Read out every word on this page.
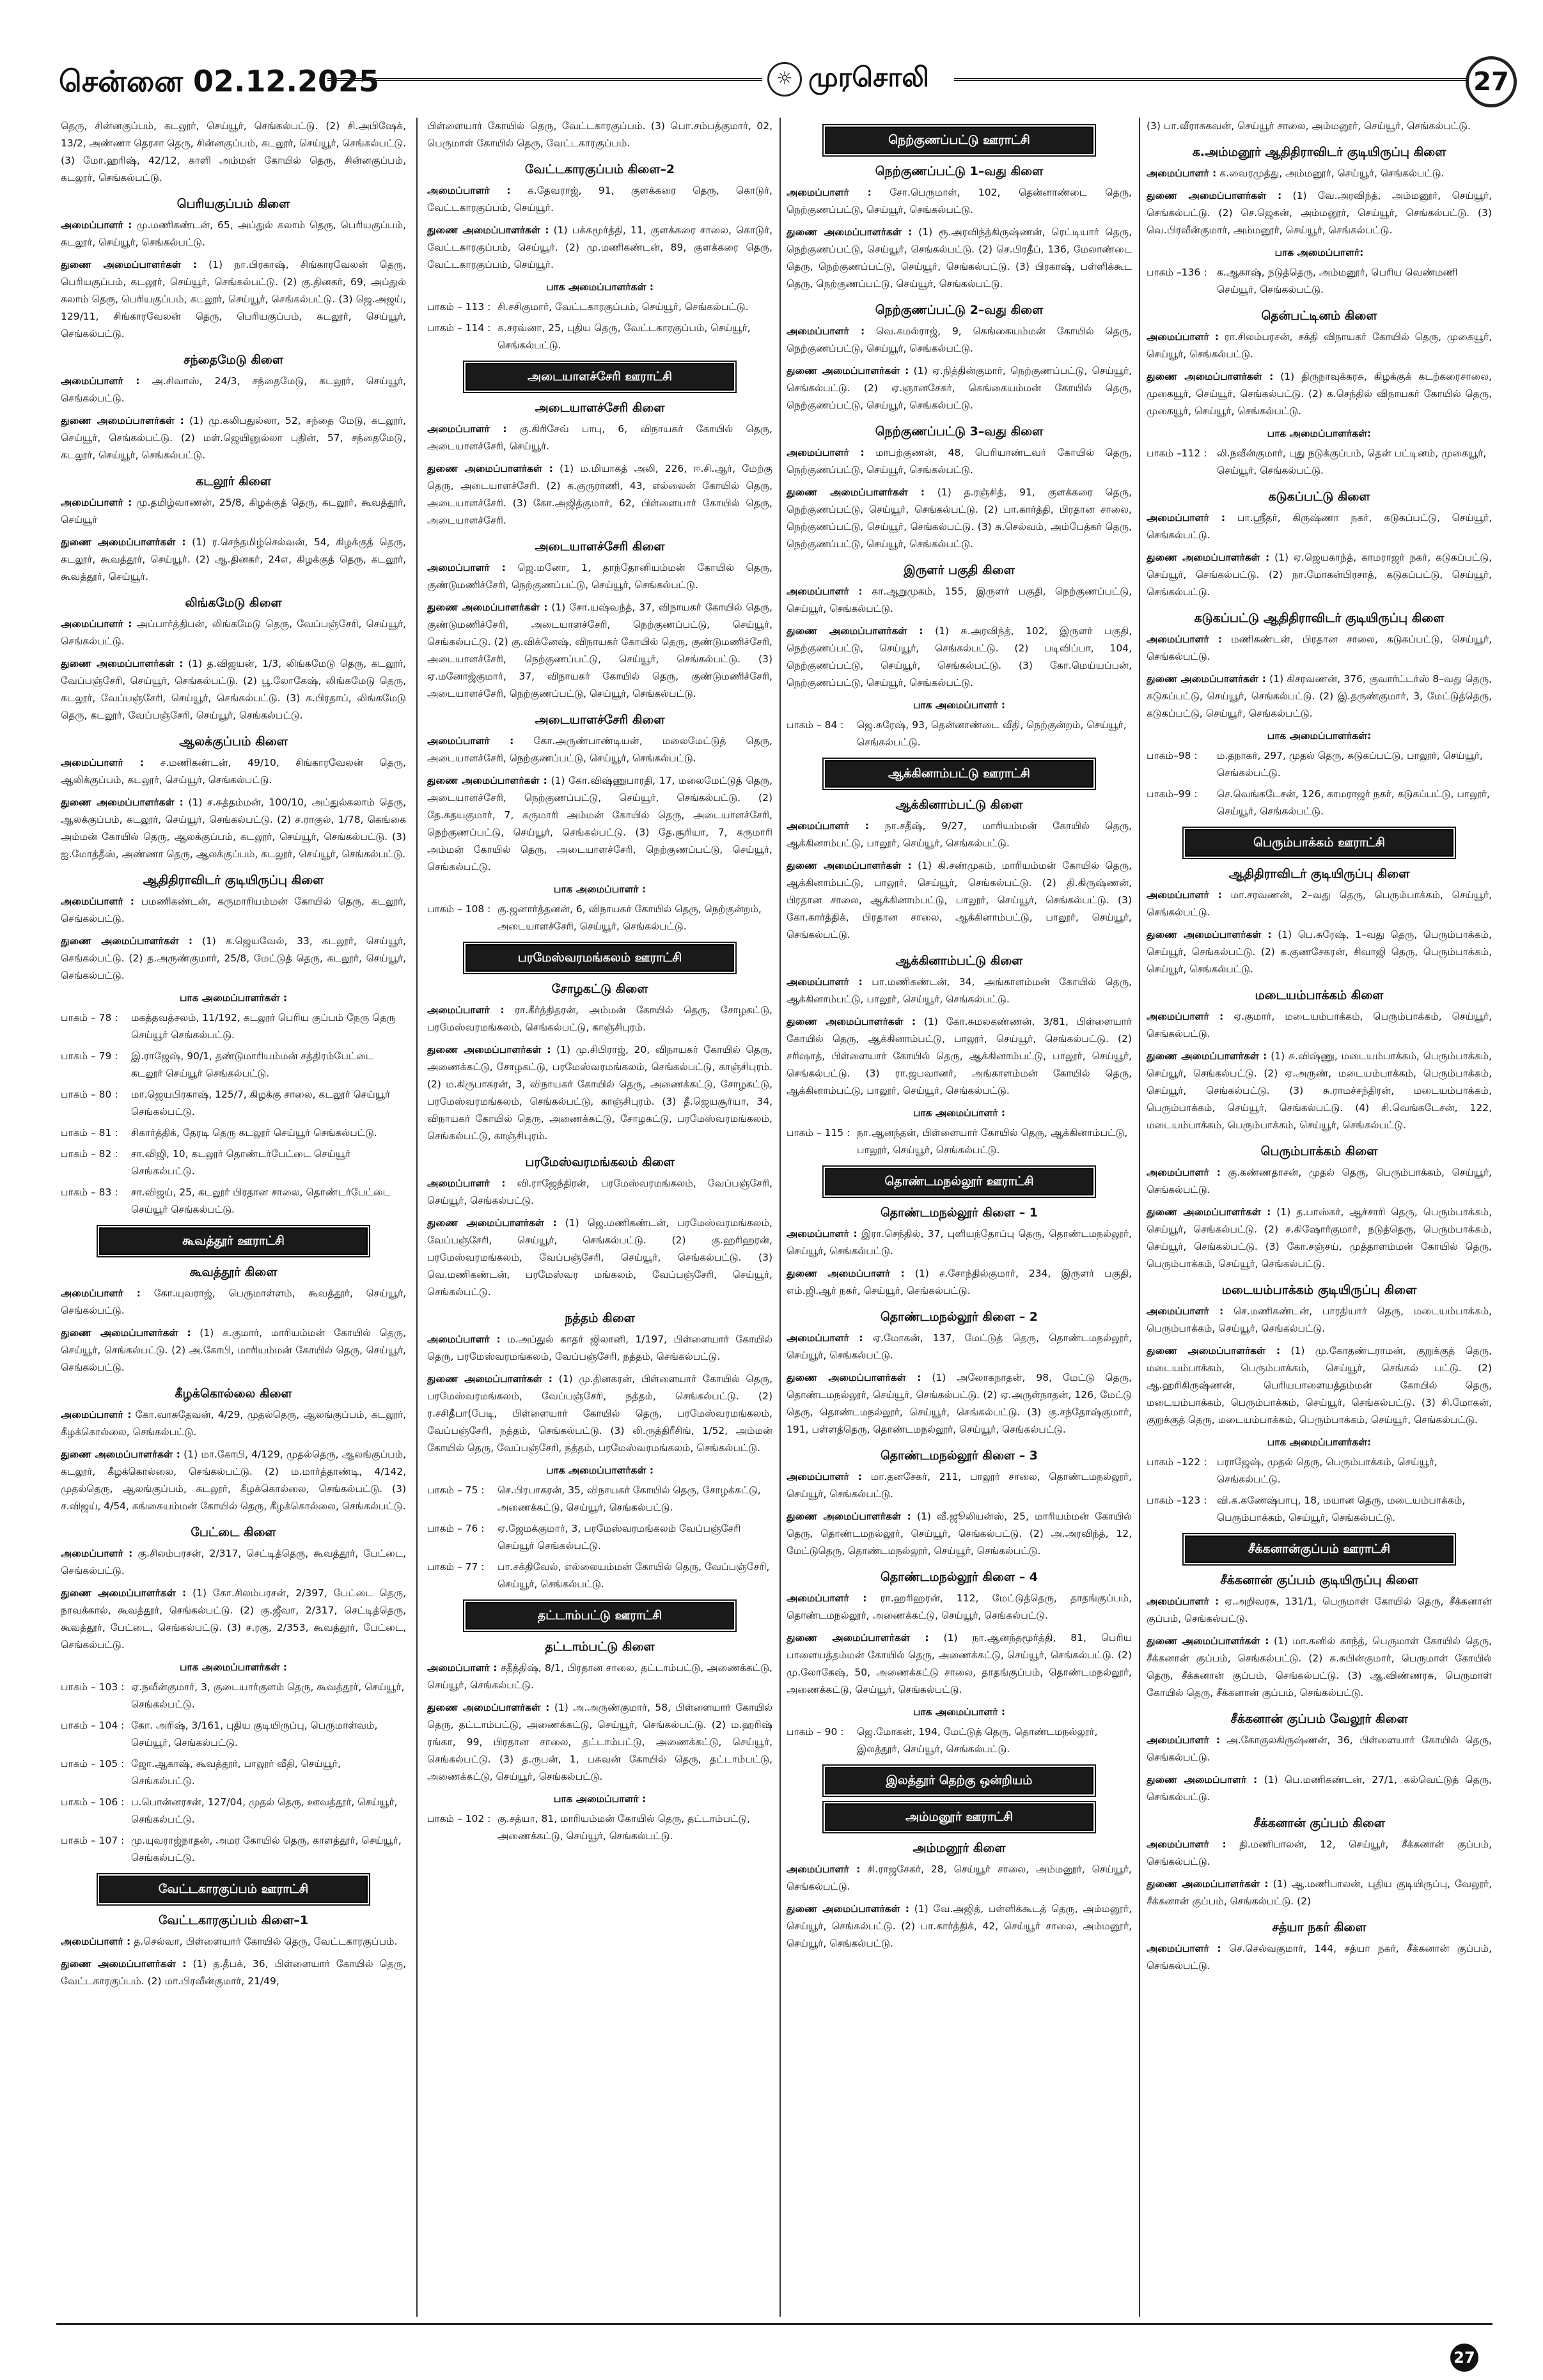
சென்னை 02.12.2025	☼ முரசொலி	27

தெரு, சின்னகுப்பம், கடலூர், செய்யூர், செங்கல்பட்டு. (2) சி.அபிஷேக், 13/2, அண்ணா தெரசா தெரு, சின்னகுப்பம், கடலூர், செய்யூர், செங்கல்பட்டு. (3) மோ.ஹரிஷ், 42/12, காளி அம்மன் கோயில் தெரு, சின்னகுப்பம், கடலூர், செங்கல்பட்டு.

பெரியகுப்பம் கிளை

அமைப்பாளர் : மு.மணிகண்டன், 65, அப்துல் கலாம் தெரு, பெரியகுப்பம், கடலூர், செய்யூர், செங்கல்பட்டு.

துணை அமைப்பாளர்கள் : (1) நா.பிரகாஷ், சிங்காரவேலன் தெரு, பெரியகுப்பம், கடலூர், செய்யூர், செங்கல்பட்டு. (2) கு.தினகர், 69, அப்துல் கலாம் தெரு, பெரியகுப்பம், கடலூர், செய்யூர், செங்கல்பட்டு. (3) ஜெ.அஜய், 129/11, சிங்காரவேலன் தெரு, பெரியகுப்பம், கடலூர், செய்யூர், செங்கல்பட்டு.

சந்தைமேடு கிளை

அமைப்பாளர் : அ.சிவாஸ், 24/3, சந்தைமேடு, கடலூர், செய்யூர், செங்கல்பட்டு.

துணை அமைப்பாளர்கள் : (1) மு.கலிபதுல்லா, 52, சந்தை மேடு, கடலூர், செய்யூர், செங்கல்பட்டு. (2) மள்.ஜெயினுல்லா புதின், 57, சந்தைமேடு, கடலூர், செய்யூர், செங்கல்பட்டு.

கடலூர் கிளை

அமைப்பாளர் : மு.தமிழ்வாணன், 25/8, கிழக்குத் தெரு, கடலூர், கூவத்தூர், செய்யூர்

துணை அமைப்பாளர்கள் : (1) ர.செந்தமிழ்செல்வன், 54, கிழக்குத் தெரு, கடலூர், கூவத்தூர், செய்யூர். (2) ஆ.தினகர், 24எ, கிழக்குத் தெரு, கடலூர், கூவத்தூர், செய்யூர்.

லிங்கமேடு கிளை

அமைப்பாளர் : அப்பார்த்திபன், லிங்கமேடு தெரு, வேப்பஞ்சேரி, செய்யூர், செங்கல்பட்டு.

துணை அமைப்பாளர்கள் : (1) த.விஜயன், 1/3, லிங்கமேடு தெரு, கடலூர், வேப்பஞ்சேரி, செய்யூர், செங்கல்பட்டு. (2) பூ.லோகேஷ், லிங்கமேடு தெரு, கடலூர், வேப்பஞ்சேரி, செய்யூர், செங்கல்பட்டு. (3) க.பிரதாப், லிங்கமேடு தெரு, கடலூர், வேப்பஞ்சேரி, செய்யூர், செங்கல்பட்டு.

ஆலக்குப்பம் கிளை

அமைப்பாளர் : ச.மணிகண்டன், 49/10, சிங்காரவேலன் தெரு, ஆலிக்குப்பம், கடலூர், செய்யூர், செங்கல்பட்டு.

துணை அமைப்பாளர்கள் : (1) ச.சுத்தம்மன், 100/10, அப்துல்கலாம் தெரு, ஆலக்குப்பம், கடலூர், செய்யூர், செங்கல்பட்டு. (2) ச.ராகுல், 1/78, கெங்கை அம்மன் கோயில் தெரு, ஆலக்குப்பம், கடலூர், செய்யூர், செங்கல்பட்டு. (3) ஐ.மோத்தீஸ், அண்ணா தெரு, ஆலக்குப்பம், கடலூர், செய்யூர், செங்கல்பட்டு.

ஆதிதிராவிடர் குடியிருப்பு கிளை

அமைப்பாளர் : பமணிகண்டன், கருமாரியம்மன் கோயில் தெரு, கடலூர், செங்கல்பட்டு.

துணை அமைப்பாளர்கள் : (1) க.ஜெயவேல், 33, கடலூர், செய்யூர், செங்கல்பட்டு. (2) த.அருண்குமார், 25/8, மேட்டுத் தெரு, கடலூர், செய்யூர், செங்கல்பட்டு.

பாக அமைப்பாளர்கள் :
பாகம் – 78 :	மகத்தவத்சலம், 11/192, கடலூர் பெரிய குப்பம் நேரு தெரு செய்யூர் செங்கல்பட்டு.
பாகம் – 79 :	இ.ராஜேஷ், 90/1, தண்டுமாரியம்மன் சத்திரம்பேட்டை கடலூர் செய்யூர் செங்கல்பட்டு.
பாகம் – 80 :	மா.ஜெயபிரகாஷ், 125/7, கிழக்கு சாலை, கடலூர் செய்யூர் செங்கல்பட்டு.
பாகம் – 81 :	சிகார்த்திக், தேரடி தெரு கடலூர் செய்யூர் செங்கல்பட்டு.
பாகம் – 82 :	சா.விஜி, 10, கடலூர் தொண்டர்பேட்டை செய்யூர் செங்கல்பட்டு.
பாகம் – 83 :	சா.விஜய், 25, கடலூர் பிரதான சாலை, தொண்டர்பேட்டை செய்யூர் செங்கல்பட்டு.
கூவத்தூர் ஊராட்சி
கூவத்தூர் கிளை

அமைப்பாளர் : கோ.யுவராஜ், பெருமாள்ளம், கூவத்தூர், செய்யூர், செங்கல்பட்டு.

துணை அமைப்பாளர்கள் : (1) க.குமார், மாரியம்மன் கோயில் தெரு, செய்யூர், செங்கல்பட்டு. (2) அ.கோபி, மாரியம்மன் கோயில் தெரு, செய்யூர், செங்கல்பட்டு.

கீழக்கொல்லை கிளை

அமைப்பாளர் : கோ.வாசுதேவன், 4/29, முதல்தெரு, ஆலங்குப்பம், கடலூர், கீழக்கொல்லை, செங்கல்பட்டு.

துணை அமைப்பாளர்கள் : (1) மா.கோபி, 4/129, முதல்தெரு, ஆலங்குப்பம், கடலூர், கீழக்கொல்லை, செங்கல்பட்டு. (2) ம.மார்த்தாண்டி, 4/142, முதல்தெரு, ஆலங்குப்பம், கடலூர், கீழக்கொல்லை, செங்கல்பட்டு. (3) ச.விஜய், 4/54, கங்கையம்மன் கோயில் தெரு, கீழக்கொல்லை, செங்கல்பட்டு.

பேட்டை கிளை

அமைப்பாளர் : கு.சிலம்பரசன், 2/317, செட்டித்தெரு, கூவத்தூர், பேட்டை, செங்கல்பட்டு.

துணை அமைப்பாளர்கள் : (1) கோ.சிலம்பரசன், 2/397, பேட்டை தெரு, நாவக்கால், கூவத்தூர், செங்கல்பட்டு. (2) கு.ஜீவா, 2/317, செட்டித்தெரு, கூவத்தூர், பேட்டை, செங்கல்பட்டு. (3) ச.ரகு, 2/353, கூவத்தூர், பேட்டை, செங்கல்பட்டு.

பாக அமைப்பாளர்கள் :
பாகம் – 103 : ஏ.நவீன்குமார், 3, குடையார்குளம் தெரு, கூவத்தூர், செய்யூர், செங்கல்பட்டு.
பாகம் – 104 : கோ. அரிஷ், 3/161, புதிய குடியிருப்பு, பெருமாள்வம், செய்யூர், செங்கல்பட்டு.
பாகம் – 105 : ஜோ.ஆகாஷ், கூவத்தூர், பாலூர் வீதி, செய்யூர், செங்கல்பட்டு.
பாகம் – 106 : ப.பொன்னரசன், 127/04, முதல் தெரு, ஊவத்தூர், செய்யூர், செங்கல்பட்டு.
பாகம் – 107 : மு.யுவராஜ்நாதன், அமர கோயில் தெரு, காளத்தூர், செய்யூர், செங்கல்பட்டு.
வேட்டகாரகுப்பம் ஊராட்சி
வேட்டகாரகுப்பம் கிளை–1

அமைப்பாளர் : த.செல்வா, பிள்ளையார் கோயில் தெரு, வேட்டகாரகுப்பம்.

துணை அமைப்பாளர்கள் : (1) த.தீபக், 36, பிள்ளையார் கோயில் தெரு, வேட்டகாரகுப்பம். (2) மா.பிரவீன்குமார், 21/49,

பிள்ளையார் கோயில் தெரு, வேட்டகாரகுப்பம். (3) பொ.சம்பத்குமார், 02, பெருமாள் கோயில் தெரு, வேட்டகாரகுப்பம்.

வேட்டகாரகுப்பம் கிளை–2

அமைப்பாளர் : க.தேவராஜ், 91, குளக்கரை தெரு, கொடுர், வேட்டகாரகுப்பம், செய்யூர்.

துணை அமைப்பாளர்கள் : (1) பக்கமூர்த்தி, 11, குளக்கரை சாலை, கொடுர், வேட்டகாரகுப்பம், செய்யூர். (2) மு.மணிகண்டன், 89, குளக்கரை தெரு, வேட்டகாரகுப்பம், செய்யூர்.

பாக அமைப்பாளர்கள் :
பாகம் – 113 : சி.சசிகுமார், வேட்டகாரகுப்பம், செய்யூர், செங்கல்பட்டு.
பாகம் – 114 : க.சரவ்னா, 25, புதிய தெரு, வேட்டகாரகுப்பம், செய்யூர், செங்கல்பட்டு.
அடையாளச்சேரி ஊராட்சி
அடையாளச்சேரி கிளை

அமைப்பாளர் : கு.கிரிசேவ் பாபு, 6, விநாயகர் கோயில் தெரு, அடையாளச்சேரி, செய்யூர்.

துணை அமைப்பாளர்கள் : (1) ம.மியாகத் அலி, 226, ஈ.சி.ஆர், மேற்கு தெரு, அடையாளச்சேரி. (2) க.குருராணி, 43, எல்லைன் கோயில் தெரு, அடையாளச்சேரி. (3) கோ.அஜித்குமார், 62, பிள்ளையார் கோயில் தெரு, அடையாளச்சேரி.

அடையாளச்சேரி கிளை

அமைப்பாளர் : ஜெ.மனோ, 1, தாந்தோனியம்மன் கோயில் தெரு, குண்டுமணிச்சேரி, நெற்குணப்பட்டு, செய்யூர், செங்கல்பட்டு.

துணை அமைப்பாளர்கள் : (1) சோ.யஷ்வந்த், 37, விநாயகர் கோயில் தெரு, குண்டுமணிச்சேரி, அடையாளச்சேரி, நெற்குணப்பட்டு, செய்யூர், செங்கல்பட்டு. (2) கு.விக்னேஷ், விநாயகர் கோயில் தெரு, குண்டுமணிச்சேரி, அடையாளச்சேரி, நெற்குணப்பட்டு, செய்யூர், செங்கல்பட்டு. (3) ஏ.மனோஜ்குமார், 37, விநாயகர் கோயில் தெரு, குண்டுமணிச்சேரி, அடையாளச்சேரி, நெற்குணப்பட்டு, செய்யூர், செங்கல்பட்டு.

அடையாளச்சேரி கிளை

அமைப்பாளர் : கோ.அருண்பாண்டியன், மலைமேட்டுத் தெரு, அடையாளச்சேரி, நெற்குணப்பட்டு, செய்யூர், செங்கல்பட்டு.

துணை அமைப்பாளர்கள் : (1) கோ.விஷ்ணுபாரதி, 17, மலைமேட்டுத் தெரு, அடையாளச்சேரி, நெற்குணப்பட்டு, செய்யூர், செங்கல்பட்டு. (2) தே.சுதயகுமார், 7, கருமாரி அம்மன் கோயில் தெரு, அடையாளச்சேரி, நெற்குணப்பட்டு, செய்யூர், செங்கல்பட்டு. (3) தே.சூரியா, 7, கருமாரி அம்மன் கோயில் தெரு, அடையாளச்சேரி, நெற்குணப்பட்டு, செய்யூர், செங்கல்பட்டு.

பாக அமைப்பாளர் :
பாகம் – 108 : கு.ஜனார்த்தனன், 6, விநாயகர் கோயில் தெரு, நெற்குன்றம், அடையாளச்சேரி, செய்யூர், செங்கல்பட்டு.
பரமேஸ்வரமங்கலம் ஊராட்சி
சோழகட்டு கிளை

அமைப்பாளர் : ரா.கீர்த்திதரன், அம்மன் கோயில் தெரு, சோழகட்டு, பரமேஸ்வரமங்கலம், செங்கல்பட்டு, காஞ்சிபுரம்.

துணை அமைப்பாளர்கள் : (1) மு.சிபிராஜ், 20, விநாயகர் கோயில் தெரு, அணைக்கட்டு, சோழகட்டு, பரமேஸ்வரமங்கலம், செங்கல்பட்டு, காஞ்சிபுரம். (2) ம.கிருபாகரன், 3, விநாயகர் கோயில் தெரு, அணைக்கட்டு, சோழகட்டு, பரமேஸ்வரமங்கலம், செங்கல்பட்டு, காஞ்சிபுரம். (3) தீ.ஜெயசூர்யா, 34, விநாயகர் கோயில் தெரு, அணைக்கட்டு, சோழகட்டு, பரமேஸ்வரமங்கலம், செங்கல்பட்டு, காஞ்சிபுரம்.

பரமேஸ்வரமங்கலம் கிளை

அமைப்பாளர் : வி.ராஜேந்திரன், பரமேஸ்வரமங்கலம், வேப்பஞ்சேரி, செய்யூர், செங்கல்பட்டு.

துணை அமைப்பாளர்கள் : (1) ஜெ.மணிகண்டன், பரமேஸ்வரமங்கலம், வேப்பஞ்சேரி, செய்யூர், செங்கல்பட்டு. (2) கு.ஹரிஹரன், பரமேஸ்வரமங்கலம், வேப்பஞ்சேரி, செய்யூர், செங்கல்பட்டு. (3) வெ.மணிகண்டன், பரமேஸ்வர மங்கலம், வேப்பஞ்சேரி, செய்யூர், செங்கல்பட்டு.

நத்தம் கிளை

அமைப்பாளர் : ம.அப்துல் காதர் ஜிலானி, 1/197, பிள்ளையார் கோயில் தெரு, பரமேஸ்வரமங்கலம், வேப்பஞ்சேரி, நத்தம், செங்கல்பட்டு.

துணை அமைப்பாளர்கள் : (1) மு.தினகரன், பிள்ளையார் கோயில் தெரு, பரமேஸ்வரமங்கலம், வேப்பஞ்சேரி, நத்தம், செங்கல்பட்டு. (2) ர.சசிதீபா(பேடி, பிள்ளையார் கோயில் தெரு, பரமேஸ்வரமங்கலம், வேப்பஞ்சேரி, நத்தம், செங்கல்பட்டு. (3) லி.ருத்திரீசிங், 1/52, அம்மன் கோயில் தெரு, வேப்பஞ்சேரி, நத்தம், பரமேஸ்வரமங்கலம், செங்கல்பட்டு.

பாக அமைப்பாளர்கள் :
பாகம் – 75 :	செ.பிரபாகரன், 35, விநாயகர் கோயில் தெரு, சோழக்கட்டு, அணைக்கட்டு, செய்யூர், செங்கல்பட்டு.
பாகம் – 76 :	ஏ.ஜேமக்குமார், 3, பரமேஸ்வரமங்கலம் வேப்பஞ்சேரி செய்யூர் செங்கல்பட்டு.
பாகம் – 77 :	பா.சக்திவேல், எல்லையம்மன் கோயில் தெரு, வேப்பஞ்சேரி, செய்யூர், செங்கல்பட்டு.
தட்டாம்பட்டு ஊராட்சி
தட்டாம்பட்டு கிளை

அமைப்பாளர் : சதீத்திஷ், 8/1, பிரதான சாலை, தட்டாம்பட்டு, அணைக்கட்டு, செய்யூர், செங்கல்பட்டு.

துணை அமைப்பாளர்கள் : (1) அ.அருண்குமார், 58, பிள்ளையார் கோயில் தெரு, தட்டாம்பட்டு, அணைக்கட்டு, செய்யூர், செங்கல்பட்டு. (2) ம.ஹரிஷ் ரங்கா, 99, பிரதான சாலை, தட்டாம்பட்டு, அணைக்கட்டு, செய்யூர், செங்கல்பட்டு. (3) த.ருபன், 1, பசுவன் கோயில் தெரு, தட்டாம்பட்டு, அணைக்கட்டு, செய்யூர், செங்கல்பட்டு.

பாக அமைப்பாளர் :
பாகம் – 102 : கு.சத்யா, 81, மாரியம்மன் கோயில் தெரு, தட்டாம்பட்டு, அணைக்கட்டு, செய்யூர், செங்கல்பட்டு.
நெற்குணப்பட்டு ஊராட்சி
நெற்குணப்பட்டு 1–வது கிளை

அமைப்பாளர் : சோ.பெருமாள், 102, தென்னாண்டை தெரு, நெற்குணப்பட்டு, செய்யூர், செங்கல்பட்டு.

துணை அமைப்பாளர்கள் : (1) ரூ.அரவிந்த்கிருஷ்ணன், ரெட்டியார் தெரு, நெற்குணப்பட்டு, செய்யூர், செங்கல்பட்டு. (2) செ.பிரதீப், 136, மேலாண்டை தெரு, நெற்குணப்பட்டு, செய்யூர், செங்கல்பட்டு. (3) பிரகாஷ், பள்ளிக்கூட தெரு, நெற்குணப்பட்டு, செய்யூர், செங்கல்பட்டு.

நெற்குணப்பட்டு 2–வது கிளை

அமைப்பாளர் : வெ.கமல்ராஜ், 9, கெங்கையம்மன் கோயில் தெரு, நெற்குணப்பட்டு, செய்யூர், செங்கல்பட்டு.

துணை அமைப்பாளர்கள் : (1) ஏ.நித்தின்குமார், நெற்குணப்பட்டு, செய்யூர், செங்கல்பட்டு. (2) ஏ.ஞானசேகர், கெங்கையம்மன் கோயில் தெரு, நெற்குணப்பட்டு, செய்யூர், செங்கல்பட்டு.

நெற்குணப்பட்டு 3–வது கிளை

அமைப்பாளர் : மாபற்குணன், 48, பெரியாண்டவர் கோயில் தெரு, நெற்குணப்பட்டு, செய்யூர், செங்கல்பட்டு.

துணை அமைப்பாளர்கள் : (1) த.ரஞ்சித், 91, குளக்கரை தெரு, நெற்குணப்பட்டு, செய்யூர், செங்கல்பட்டு. (2) பா.கார்த்தி, பிரதான சாலை, நெற்குணப்பட்டு, செய்யூர், செங்கல்பட்டு. (3) சு.செல்வம், அம்பேத்கர் தெரு, நெற்குணப்பட்டு, செய்யூர், செங்கல்பட்டு.

இருளர் பகுதி கிளை

அமைப்பாளர் : கா.ஆறுமுகம், 155, இருளர் பகுதி, நெற்குணப்பட்டு, செய்யூர், செங்கல்பட்டு.

துணை அமைப்பாளர்கள் : (1) சு.அரவிந்த், 102, இருளர் பகுதி, நெற்குணப்பட்டு, செய்யூர், செங்கல்பட்டு. (2) படிவிப்பா, 104, நெற்குணப்பட்டு, செய்யூர், செங்கல்பட்டு. (3) கோ.மெய்யப்பன், நெற்குணப்பட்டு, செய்யூர், செங்கல்பட்டு.

பாக அமைப்பாளர் :
பாகம் – 84 :	ஜெ.சுரேஷ், 93, தென்னாண்டை வீதி, நெற்குன்றம், செய்யூர், செங்கல்பட்டு.
ஆக்கினாம்பட்டு ஊராட்சி
ஆக்கினாம்பட்டு கிளை

அமைப்பாளர் : நா.சதீஷ், 9/27, மாரியம்மன் கோயில் தெரு, ஆக்கினாம்பட்டு, பாலூர், செய்யூர், செங்கல்பட்டு.

துணை அமைப்பாளர்கள் : (1) கி.சண்முகம், மாரியம்மன் கோயில் தெரு, ஆக்கினாம்பட்டு, பாலூர், செய்யூர், செங்கல்பட்டு. (2) தி.கிருஷ்ணன், பிரதான சாலை, ஆக்கினாம்பட்டு, பாலூர், செய்யூர், செங்கல்பட்டு. (3) கோ.கார்த்திக், பிரதான சாலை, ஆக்கினாம்பட்டு, பாலூர், செய்யூர், செங்கல்பட்டு.

ஆக்கினாம்பட்டு கிளை

அமைப்பாளர் : பா.மணிகண்டன், 34, அங்காளம்மன் கோயில் தெரு, ஆக்கினாம்பட்டு, பாலூர், செய்யூர், செங்கல்பட்டு.

துணை அமைப்பாளர்கள் : (1) கோ.சுமலகண்ணன், 3/81, பிள்ளையார் கோயில் தெரு, ஆக்கினாம்பட்டு, பாலூர், செய்யூர், செங்கல்பட்டு. (2) சரிஷாத், பிள்ளையார் கோயில் தெரு, ஆக்கினாம்பட்டு, பாலூர், செய்யூர், செங்கல்பட்டு. (3) ரா.ஜபவானர், அங்காளம்மன் கோயில் தெரு, ஆக்கினாம்பட்டு, பாலூர், செய்யூர், செங்கல்பட்டு.

பாக அமைப்பாளர் :
பாகம் – 115 : நா.ஆனந்தன், பிள்ளையார் கோயில் தெரு, ஆக்கினாம்பட்டு, பாலூர், செய்யூர், செங்கல்பட்டு.
தொண்டமநல்லூர் ஊராட்சி
தொண்டமநல்லூர் கிளை – 1

அமைப்பாளர் : இரா.செந்தில், 37, புளியந்தோப்பு தெரு, தொண்டமநல்லூர், செய்யூர், செங்கல்பட்டு.

துணை அமைப்பாளர் : (1) ச.சோந்தில்குமார், 234, இருளர் பகுதி, எம்.ஜி.ஆர் நகர், செய்யூர், செங்கல்பட்டு.

தொண்டமநல்லூர் கிளை – 2

அமைப்பாளர் : ஏ.மோகன், 137, மேட்டுத் தெரு, தொண்டமநல்லூர், செய்யூர், செங்கல்பட்டு.

துணை அமைப்பாளர்கள் : (1) அலோகநாதன், 98, மேட்டு தெரு, தொண்டமநல்லூர், செய்யூர், செங்கல்பட்டு. (2) ஏ.அருள்நாதன், 126, மேட்டு தெரு, தொண்டமநல்லூர், செய்யூர், செங்கல்பட்டு. (3) கு.சந்தோஷ்குமார், 191, பள்ளத்தெரு, தொண்டமநல்லூர், செய்யூர், செங்கல்பட்டு.

தொண்டமநல்லூர் கிளை – 3

அமைப்பாளர் : மா.தனசேகர், 211, பாலூர் சாலை, தொண்டமநல்லூர், செய்யூர், செங்கல்பட்டு.

துணை அமைப்பாளர்கள் : (1) வீ.ஜூலியன்ஸ், 25, மாரியம்மன் கோயில் தெரு, தொண்டமநல்லூர், செய்யூர், செங்கல்பட்டு. (2) அ.அரவிந்த், 12, மேட்டுதெரு, தொண்டமநல்லூர், செய்யூர், செங்கல்பட்டு.

தொண்டமநல்லூர் கிளை – 4

அமைப்பாளர் : ரா.ஹரிஹரன், 112, மேட்டுத்தெரு, தாதங்குப்பம், தொண்டமநல்லூர், அணைக்கட்டு, செய்யூர், செங்கல்பட்டு.

துணை அமைப்பாளர்கள் : (1) நா.ஆனந்தமூர்த்தி, 81, பெரிய பாளையத்தம்மன் கோயில் தெரு, அணைக்கட்டு, செய்யூர், செங்கல்பட்டு. (2) மு.லோகேஷ், 50, அணைக்கட்டு சாலை, தாதங்குப்பம், தொண்டமநல்லூர், அணைக்கட்டு, செய்யூர், செங்கல்பட்டு.

பாக அமைப்பாளர் :
பாகம் – 90 :	ஜெ.மோகன், 194, மேட்டுத் தெரு, தொண்டமநல்லூர், இலத்தூர், செய்யூர், செங்கல்பட்டு.
இலத்தூர் தெற்கு ஒன்றியம்
அம்மனூர் ஊராட்சி
அம்மனூர் கிளை

அமைப்பாளர் : சி.ராஜசேகர், 28, செய்யூர் சாலை, அம்மனூர், செய்யூர், செங்கல்பட்டு.

துணை அமைப்பாளர்கள் : (1) வே.அஜித், பள்ளிக்கூடத் தெரு, அம்மனூர், செய்யூர், செங்கல்பட்டு. (2) பா.கார்த்திக், 42, செய்யூர் சாலை, அம்மனூர், செய்யூர், செங்கல்பட்டு.

(3) பா.வீராசுகவன், செய்யூர் சாலை, அம்மனூர், செய்யூர், செங்கல்பட்டு.

க.அம்மனூர் ஆதிதிராவிடர் குடியிருப்பு கிளை

அமைப்பாளர் : க.வைரமுத்து, அம்மனூர், செய்யூர், செங்கல்பட்டு.

துணை அமைப்பாளர்கள் : (1) வே.அரவிந்த், அம்மனூர், செய்யூர், செங்கல்பட்டு. (2) செ.ஜெகன், அம்மனூர், செய்யூர், செங்கல்பட்டு. (3) வெ.பிரவீன்குமார், அம்மனூர், செய்யூர், செங்கல்பட்டு.

பாக அமைப்பாளர்:
பாகம் –136 :	க.ஆகாஷ், நடுத்தெரு, அம்மனூர், பெரிய வெண்மணி செய்யூர், செங்கல்பட்டு.
தென்பட்டினம் கிளை

அமைப்பாளர் : ரா.சிலம்பரசன், சக்தி விநாயகர் கோயில் தெரு, முகையூர், செய்யூர், செங்கல்பட்டு.

துணை அமைப்பாளர்கள் : (1) திருநாவுக்கரசு, கிழக்குக் கடற்கரைசாலை, முகையூர், செய்யூர், செங்கல்பட்டு. (2) க.செந்தில் விநாயகர் கோயில் தெரு, முகையூர், செய்யூர், செங்கல்பட்டு.

பாக அமைப்பாளர்கள்:
பாகம் –112 :	லி.நவீன்குமார், புது நடுக்குப்பம், தென் பட்டினம், முகையூர், செய்யூர், செங்கல்பட்டு.
கடுகப்பட்டு கிளை

அமைப்பாளர் : பா.ஸ்ரீதர், கிருஷ்ணா நகர், கடுகப்பட்டு, செய்யூர், செங்கல்பட்டு.

துணை அமைப்பாளர்கள் : (1) ஏ.ஜெயகாந்த், காமராஜர் நகர், கடுகப்பட்டு, செய்யூர், செங்கல்பட்டு. (2) நா.மோகன்பிரசாத், கடுகப்பட்டு, செய்யூர், செங்கல்பட்டு.

கடுகப்பட்டு ஆதிதிராவிடர் குடியிருப்பு கிளை

அமைப்பாளர் : மணிகண்டன், பிரதான சாலை, கடுகப்பட்டு, செய்யூர், செங்கல்பட்டு.

துணை அமைப்பாளர்கள் : (1) கிசரவணன், 376, குவார்ட்டர்ஸ் 8–வது தெரு, கடுகப்பட்டு, செய்யூர், செங்கல்பட்டு. (2) இ.தருண்குமார், 3, மேட்டுத்தெரு, கடுகப்பட்டு, செய்யூர், செங்கல்பட்டு.

பாக அமைப்பாளர்கள்:
பாகம்–98 :	ம.தநாகர், 297, முதல் தெரு, கடுகப்பட்டு, பாலூர், செய்யூர், செங்கல்பட்டு.
பாகம்–99 :	செ.வெங்கடேசன், 126, காமராஜர் நகர், கடுகப்பட்டு, பாலூர், செய்யூர், செங்கல்பட்டு.
பெரும்பாக்கம் ஊராட்சி
ஆதிதிராவிடர் குடியிருப்பு கிளை

அமைப்பாளர் : மா.சரவணன், 2–வது தெரு, பெரும்பாக்கம், செய்யூர், செங்கல்பட்டு.

துணை அமைப்பாளர்கள் : (1) பெ.சுரேஷ், 1–வது தெரு, பெரும்பாக்கம், செய்யூர், செங்கல்பட்டு. (2) க.குணசேகரன், சிவாஜி தெரு, பெரும்பாக்கம், செய்யூர், செங்கல்பட்டு.

மடையம்பாக்கம் கிளை

அமைப்பாளர் : ஏ.குமார், மடையம்பாக்கம், பெரும்பாக்கம், செய்யூர், செங்கல்பட்டு.

துணை அமைப்பாளர்கள் : (1) சு.விஷ்ணு, மடையம்பாக்கம், பெரும்பாக்கம், செய்யூர், செங்கல்பட்டு. (2) ஏ.அருண், மடையம்பாக்கம், பெரும்பாக்கம், செய்யூர், செங்கல்பட்டு. (3) சு.ராமச்சந்திரன், மடையம்பாக்கம், பெரும்பாக்கம், செய்யூர், செங்கல்பட்டு. (4) சி.வெங்கடேசன், 122, மடையம்பாக்கம், பெரும்பாக்கம், செய்யூர், செங்கல்பட்டு.

பெரும்பாக்கம் கிளை

அமைப்பாளர் : கு.கண்ணதாசன், முதல் தெரு, பெரும்பாக்கம், செய்யூர், செங்கல்பட்டு.

துணை அமைப்பாளர்கள் : (1) த.பாஸ்கர், ஆச்சாரி தெரு, பெரும்பாக்கம், செய்யூர், செங்கல்பட்டு. (2) ச.கிஷோர்குமார், நடுத்தெரு, பெரும்பாக்கம், செய்யூர், செங்கல்பட்டு. (3) கோ.சஞ்சய், முத்தாளம்மன் கோயில் தெரு, பெரும்பாக்கம், செய்யூர், செங்கல்பட்டு.

மடையம்பாக்கம் குடியிருப்பு கிளை

அமைப்பாளர் : செ.மணிகண்டன், பாரதியார் தெரு, மடையம்பாக்கம், பெரும்பாக்கம், செய்யூர், செங்கல்பட்டு.

துணை அமைப்பாளர்கள் : (1) மு.கோதண்டராமன், குறுக்குத் தெரு, மடையம்பாக்கம், பெரும்பாக்கம், செய்யூர், செங்கல் பட்டு. (2) ஆ.ஹரிகிருஷ்ணன், பெரியபாளையத்தம்மன் கோயில் தெரு, மடையம்பாக்கம், பெரும்பாக்கம், செய்யூர், செங்கல்பட்டு. (3) சி.மோகன், குறுக்குத் தெரு, மடையம்பாக்கம், பெரும்பாக்கம், செய்யூர், செங்கல்பட்டு.

பாக அமைப்பாளர்கள்:
பாகம் –122 :	பராஜேஷ், முதல் தெரு, பெரும்பாக்கம், செய்யூர், செங்கல்பட்டு.
பாகம் –123 :	வி.க.கணேஷ்பாபு, 18, மயான தெரு, மடையம்பாக்கம், பெரும்பாக்கம், செய்யூர், செங்கல்பட்டு.
சீக்கனான்குப்பம் ஊராட்சி
சீக்கனான் குப்பம் குடியிருப்பு கிளை

அமைப்பாளர் : ஏ.அறிவரசு, 131/1, பெருமாள் கோயில் தெரு, சீக்கனான் குப்பம், செங்கல்பட்டு.

துணை அமைப்பாளர்கள் : (1) மா.கனில் காந்த், பெருமாள் கோயில் தெரு, சீக்கனான் குப்பம், செங்கல்பட்டு. (2) க.சுபின்குமார், பெருமாள் கோயில் தெரு, சீக்கனான் குப்பம், செங்கல்பட்டு. (3) ஆ.விண்ணரசு, பெருமாள் கோயில் தெரு, சீக்கனான் குப்பம், செங்கல்பட்டு.

சீக்கனான் குப்பம் வேலூர் கிளை

அமைப்பாளர் : அ.கோகுலகிருஷ்ணன், 36, பிள்ளையார் கோயில் தெரு, செங்கல்பட்டு.

துணை அமைப்பாளர் : (1) பெ.மணிகண்டன், 27/1, கல்வெட்டுத் தெரு, செங்கல்பட்டு.

சீக்கனான் குப்பம் கிளை

அமைப்பாளர் : தி.மணிபாலன், 12, செய்யூர், சீக்கனான் குப்பம், செங்கல்பட்டு.

துணை அமைப்பாளர்கள் : (1) ஆ.மணிபாலன், புதிய குடியிருப்பு, வேலூர், சீக்கனான் குப்பம், செங்கல்பட்டு. (2)

சத்யா நகர் கிளை

அமைப்பாளர் : செ.செல்வகுமார், 144, சத்யா நகர், சீக்கனான் குப்பம், செங்கல்பட்டு.

27
